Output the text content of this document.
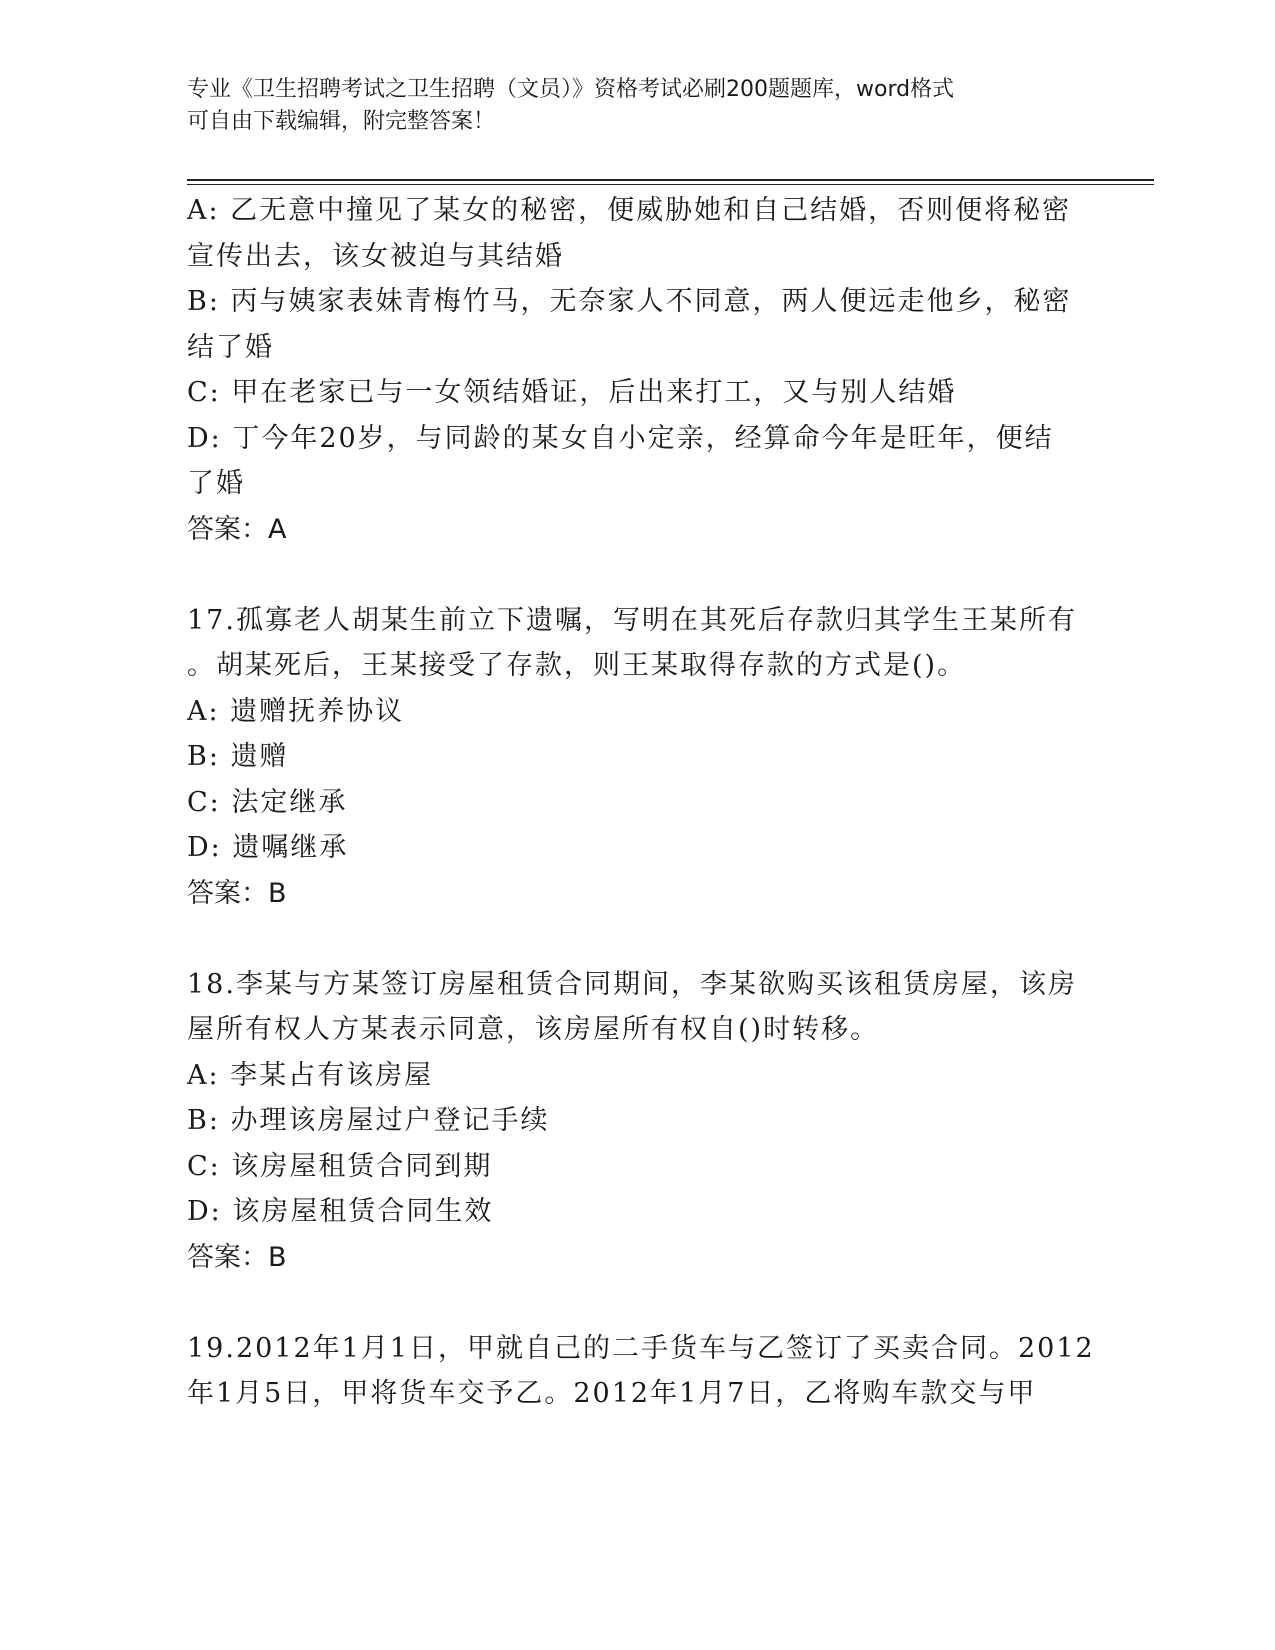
专业《卫生招聘考试之卫生招聘（文员）》资格考试必刷200题题库，word格式
可自由下载编辑，附完整答案！
A: 乙无意中撞见了某女的秘密，便威胁她和自己结婚，否则便将秘密
宣传出去，该女被迫与其结婚
B: 丙与姨家表妹青梅竹马，无奈家人不同意，两人便远走他乡，秘密
结了婚
C: 甲在老家已与一女领结婚证，后出来打工，又与别人结婚
D: 丁今年20岁，与同龄的某女自小定亲，经算命今年是旺年，便结
了婚
答案：A
17.孤寡老人胡某生前立下遗嘱，写明在其死后存款归其学生王某所有
。胡某死后，王某接受了存款，则王某取得存款的方式是()。
A: 遗赠抚养协议
B: 遗赠
C: 法定继承
D: 遗嘱继承
答案：B
18.李某与方某签订房屋租赁合同期间，李某欲购买该租赁房屋，该房
屋所有权人方某表示同意，该房屋所有权自()时转移。
A: 李某占有该房屋
B: 办理该房屋过户登记手续
C: 该房屋租赁合同到期
D: 该房屋租赁合同生效
答案：B
19.2012年1月1日，甲就自己的二手货车与乙签订了买卖合同。2012
年1月5日，甲将货车交予乙。2012年1月7日，乙将购车款交与甲
